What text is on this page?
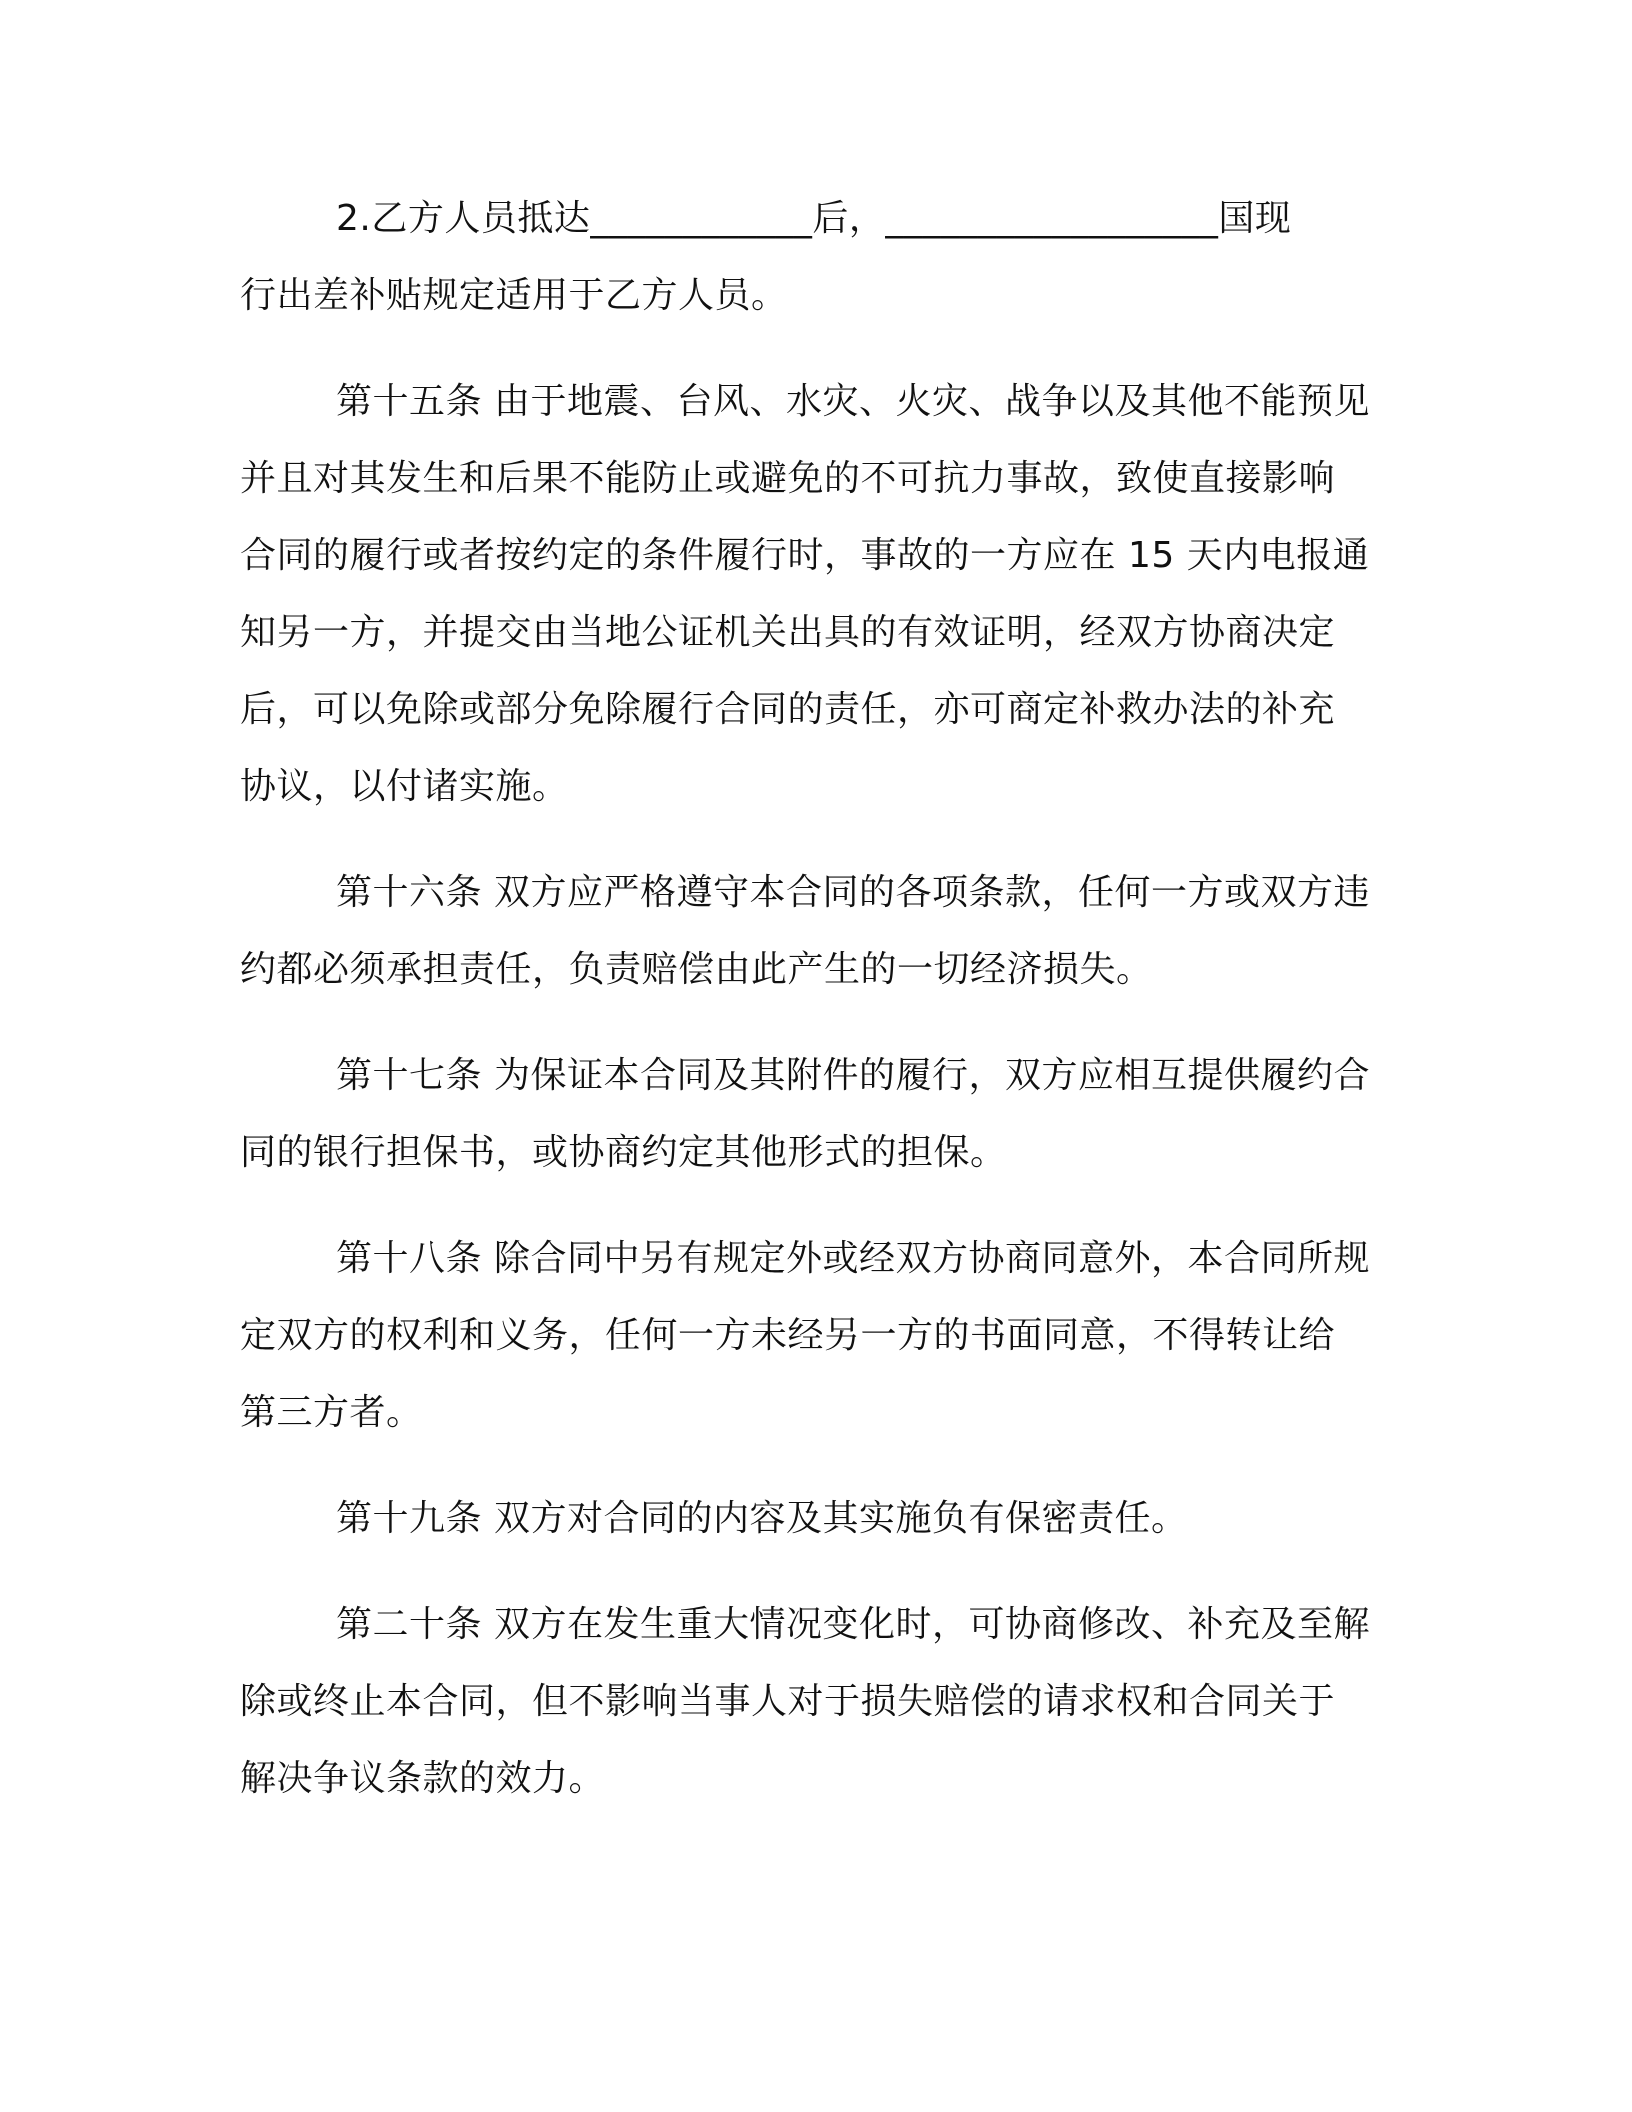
2.乙方人员抵达____________后，__________________国现
行出差补贴规定适用于乙方人员。
第十五条 由于地震、台风、水灾、火灾、战争以及其他不能预见
并且对其发生和后果不能防止或避免的不可抗力事故，致使直接影响
合同的履行或者按约定的条件履行时，事故的一方应在 15 天内电报通
知另一方，并提交由当地公证机关出具的有效证明，经双方协商决定
后，可以免除或部分免除履行合同的责任，亦可商定补救办法的补充
协议，以付诸实施。
第十六条 双方应严格遵守本合同的各项条款，任何一方或双方违
约都必须承担责任，负责赔偿由此产生的一切经济损失。
第十七条 为保证本合同及其附件的履行，双方应相互提供履约合
同的银行担保书，或协商约定其他形式的担保。
第十八条 除合同中另有规定外或经双方协商同意外，本合同所规
定双方的权利和义务，任何一方未经另一方的书面同意，不得转让给
第三方者。
第十九条 双方对合同的内容及其实施负有保密责任。
第二十条 双方在发生重大情况变化时，可协商修改、补充及至解
除或终止本合同，但不影响当事人对于损失赔偿的请求权和合同关于
解决争议条款的效力。
